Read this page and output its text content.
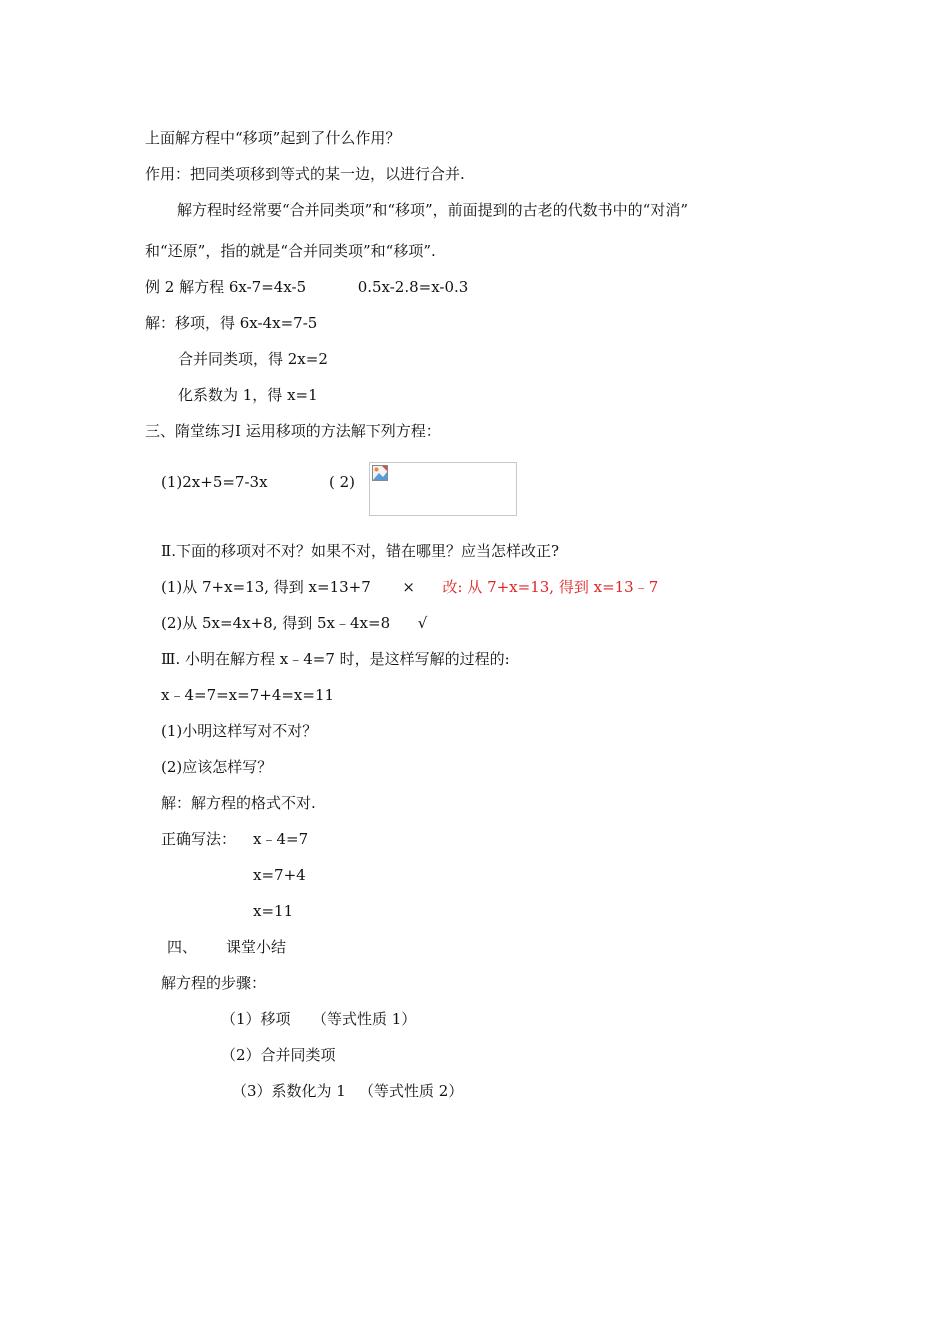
上面解方程中“移项”起到了什么作用？
作用：把同类项移到等式的某一边，以进行合并.
解方程时经常要“合并同类项”和“移项”，前面提到的古老的代数书中的“对消”
和“还原”，指的就是“合并同类项”和“移项”.
例 2 解方程 6x-7=4x-5	0.5x-2.8=x-0.3
解：移项，得 6x-4x=7-5
合并同类项，得 2x=2
化系数为 1，得 x=1
三、隋堂练习Ⅰ 运用移项的方法解下列方程：
(1)2x+5=7-3x	( 2)
Ⅱ.下面的移项对不对？如果不对，错在哪里？应当怎样改正?
(1)从 7+x=13, 得到 x=13+7 × 改: 从 7+x=13, 得到 x=13﹣7
(2)从 5x=4x+8, 得到 5x﹣4x=8 √
Ⅲ. 小明在解方程 x﹣4=7 时，是这样写解的过程的:
x﹣4=7=x=7+4=x=11
(1)小明这样写对不对？
(2)应该怎样写？
解：解方程的格式不对.
正确写法： x﹣4=7
x=7+4
x=11
四、 课堂小结
解方程的步骤：
（1）移项 （等式性质 1）
（2）合并同类项
（3）系数化为 1 （等式性质 2）
